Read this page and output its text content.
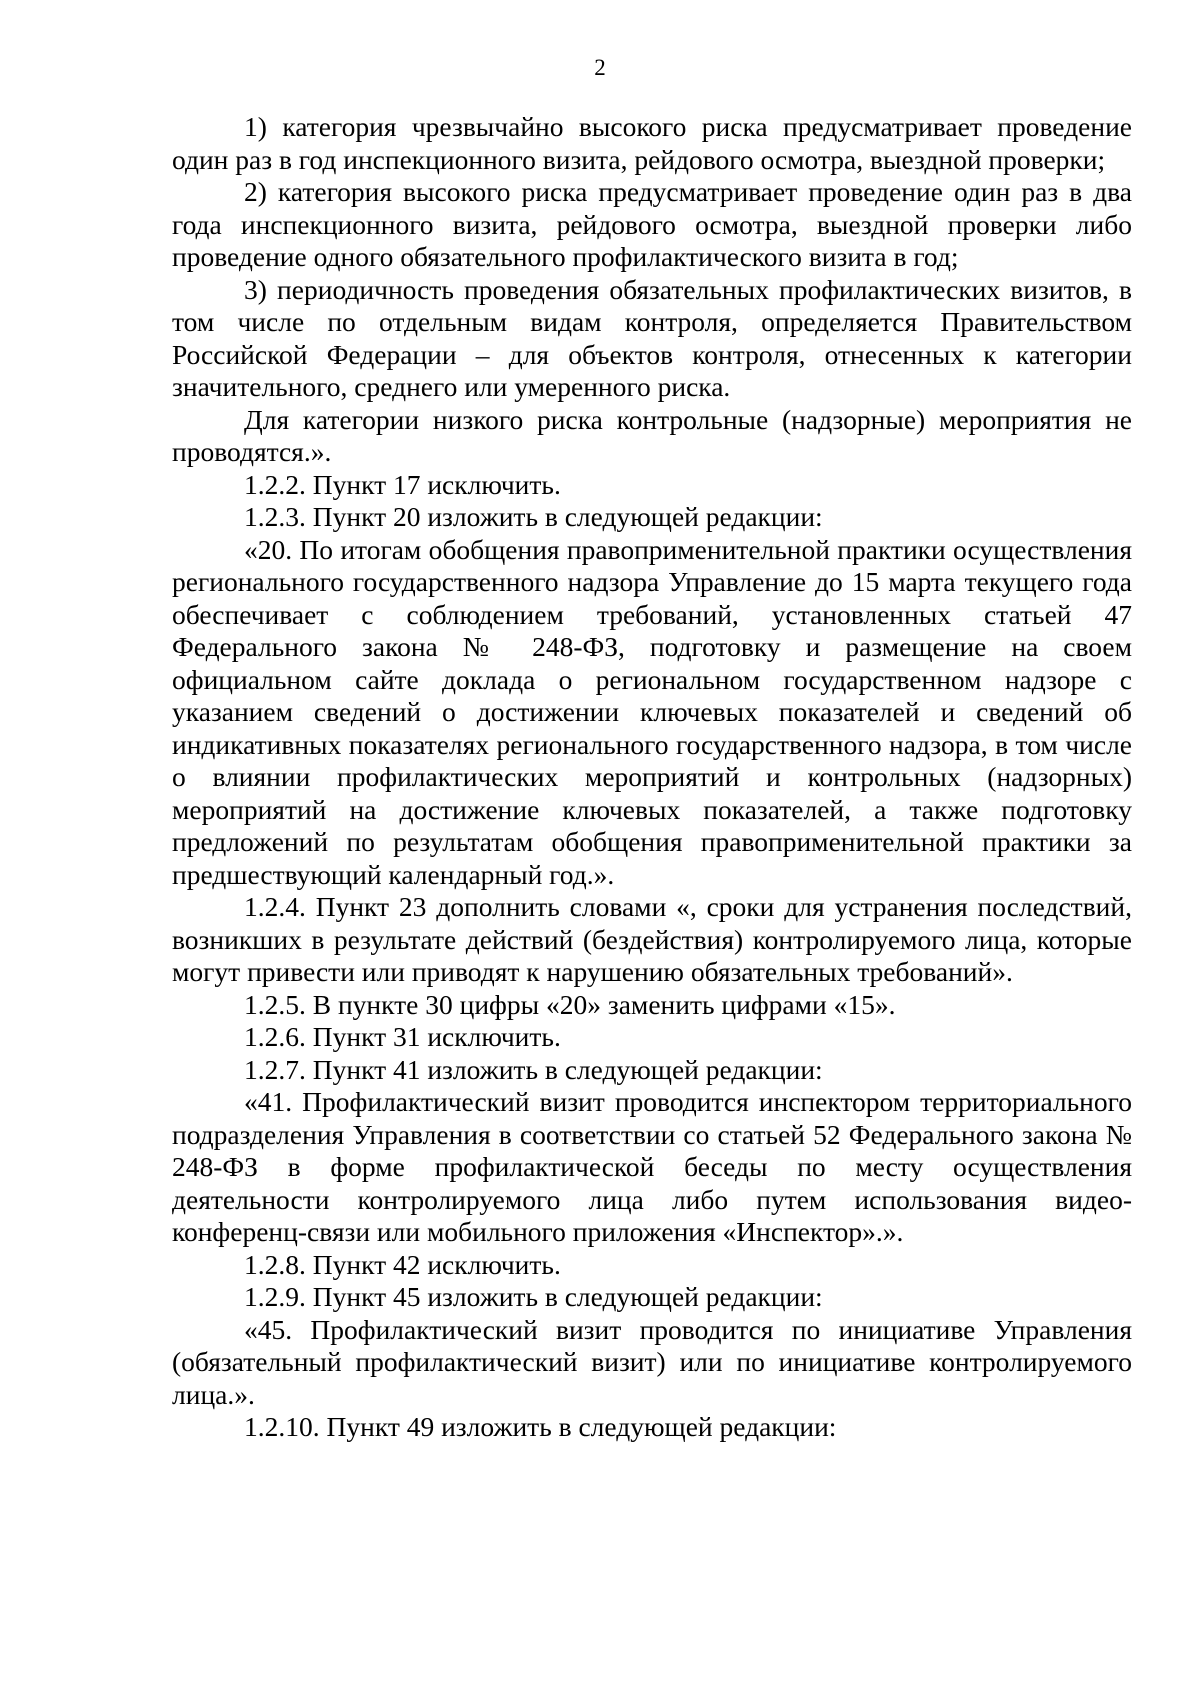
2

1) категория чрезвычайно высокого риска предусматривает проведение один раз в год инспекционного визита, рейдового осмотра, выездной проверки;

2) категория высокого риска предусматривает проведение один раз в два года инспекционного визита, рейдового осмотра, выездной проверки либо проведение одного обязательного профилактического визита в год;

3) периодичность проведения обязательных профилактических визитов, в том числе по отдельным видам контроля, определяется Правительством Российской Федерации – для объектов контроля, отнесенных к категории значительного, среднего или умеренного риска.

Для категории низкого риска контрольные (надзорные) мероприятия не проводятся.».

1.2.2. Пункт 17 исключить.

1.2.3. Пункт 20 изложить в следующей редакции:

«20. По итогам обобщения правоприменительной практики осуществления регионального государственного надзора Управление до 15 марта текущего года обеспечивает с соблюдением требований, установленных статьей 47 Федерального закона № 248-ФЗ, подготовку и размещение на своем официальном сайте доклада о региональном государственном надзоре с указанием сведений о достижении ключевых показателей и сведений об индикативных показателях регионального государственного надзора, в том числе о влиянии профилактических мероприятий и контрольных (надзорных) мероприятий на достижение ключевых показателей, а также подготовку предложений по результатам обобщения правоприменительной практики за предшествующий календарный год.».

1.2.4. Пункт 23 дополнить словами «, сроки для устранения последствий, возникших в результате действий (бездействия) контролируемого лица, которые могут привести или приводят к нарушению обязательных требований».

1.2.5. В пункте 30 цифры «20» заменить цифрами «15».

1.2.6. Пункт 31 исключить.

1.2.7. Пункт 41 изложить в следующей редакции:

«41. Профилактический визит проводится инспектором территориального подразделения Управления в соответствии со статьей 52 Федерального закона № 248-ФЗ в форме профилактической беседы по месту осуществления деятельности контролируемого лица либо путем использования видео-конференц-связи или мобильного приложения «Инспектор».».

1.2.8. Пункт 42 исключить.

1.2.9. Пункт 45 изложить в следующей редакции:

«45. Профилактический визит проводится по инициативе Управления (обязательный профилактический визит) или по инициативе контролируемого лица.».

1.2.10. Пункт 49 изложить в следующей редакции:
